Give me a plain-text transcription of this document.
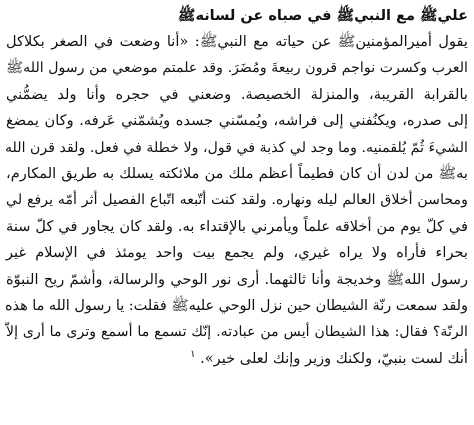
عليﷺ مع النبيﷺ في صباه عن لسانهﷺ
يقول أميرالمؤمنينﷺ عن حياته مع النبيﷺ: «أنا وضعت في الصغر بكلاكل
العرب وكسرت نواجم قرون ربيعةَ ومُضَرَ. وقد علمتم موضعي من رسول اللهﷺ
بالقرابة القريبة، والمنزلة الخصيصة. وضعني في حجره وأنا ولد يضمُّني
إلى صدره، ويكنُفني إلى فراشه، ويُمسّني جسده ويُشمّني عَرفه. وكان يمضغ
الشيءَ ثُمّ يُلقمنيه. وما وجد لي كذبة في قول، ولا خطلة في فعل. ولقد قرن الله
بهﷺ من لدن أن كان فطيماً أعظم ملك من ملائكته يسلك به طريق المكارم،
ومحاسن أخلاق العالم ليله ونهاره. ولقد كنت أتّبعه اتّباع الفصيل أثر أمّه يرفع لي
في كلّ يوم من أخلاقه علماً ويأمرني بالإقتداء به. ولقد كان يجاور في كلّ سنة
بحراء فأراه ولا يراه غيري، ولم يجمع بيت واحد يومئذ في الإسلام غير
رسول اللهﷺ وخديجة وأنا ثالثهما. أرى نور الوحي والرسالة، وأشمّ ريح النبوّة
ولقد سمعت رنّة الشيطان حين نزل الوحي عليهﷺ فقلت: يا رسول الله ما هذه
الرنّة؟ فقال: هذا الشيطان أيس من عبادته. إنّك تسمع ما أسمع وترى ما أرى إلاّ
أنك لست بنبيّ، ولكنك وزير وإنك لعلى خير». $^١$
